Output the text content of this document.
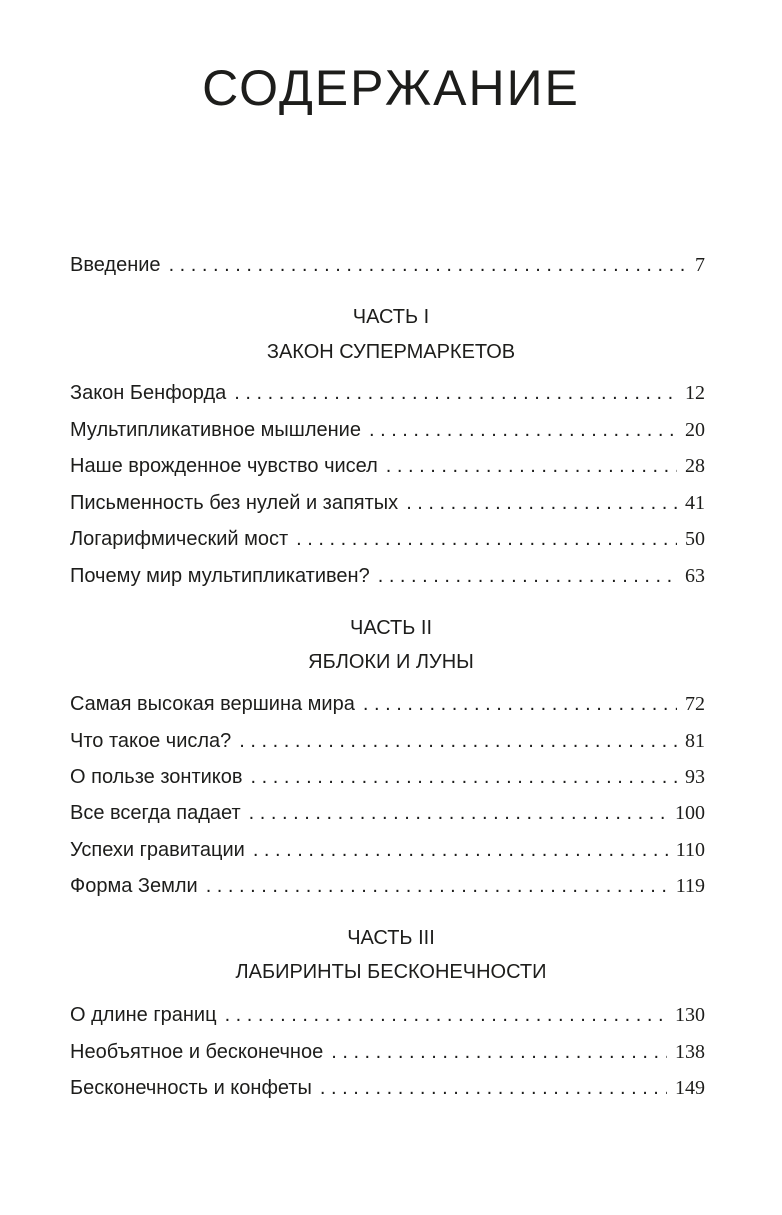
СОДЕРЖАНИЕ
Введение . . .	7
ЧАСТЬ I
ЗАКОН СУПЕРМАРКЕТОВ
Закон Бенфорда . . .	12
Мультипликативное мышление . . .	20
Наше врожденное чувство чисел . . .	28
Письменность без нулей и запятых . . .	41
Логарифмический мост . . .	50
Почему мир мультипликативен? . . .	63
ЧАСТЬ II
ЯБЛОКИ И ЛУНЫ
Самая высокая вершина мира . . .	72
Что такое числа? . . .	81
О пользе зонтиков . . .	93
Все всегда падает . . .	100
Успехи гравитации . . .	110
Форма Земли . . .	119
ЧАСТЬ III
ЛАБИРИНТЫ БЕСКОНЕЧНОСТИ
О длине границ . . .	130
Необъятное и бесконечное . . .	138
Бесконечность и конфеты . . .	149
